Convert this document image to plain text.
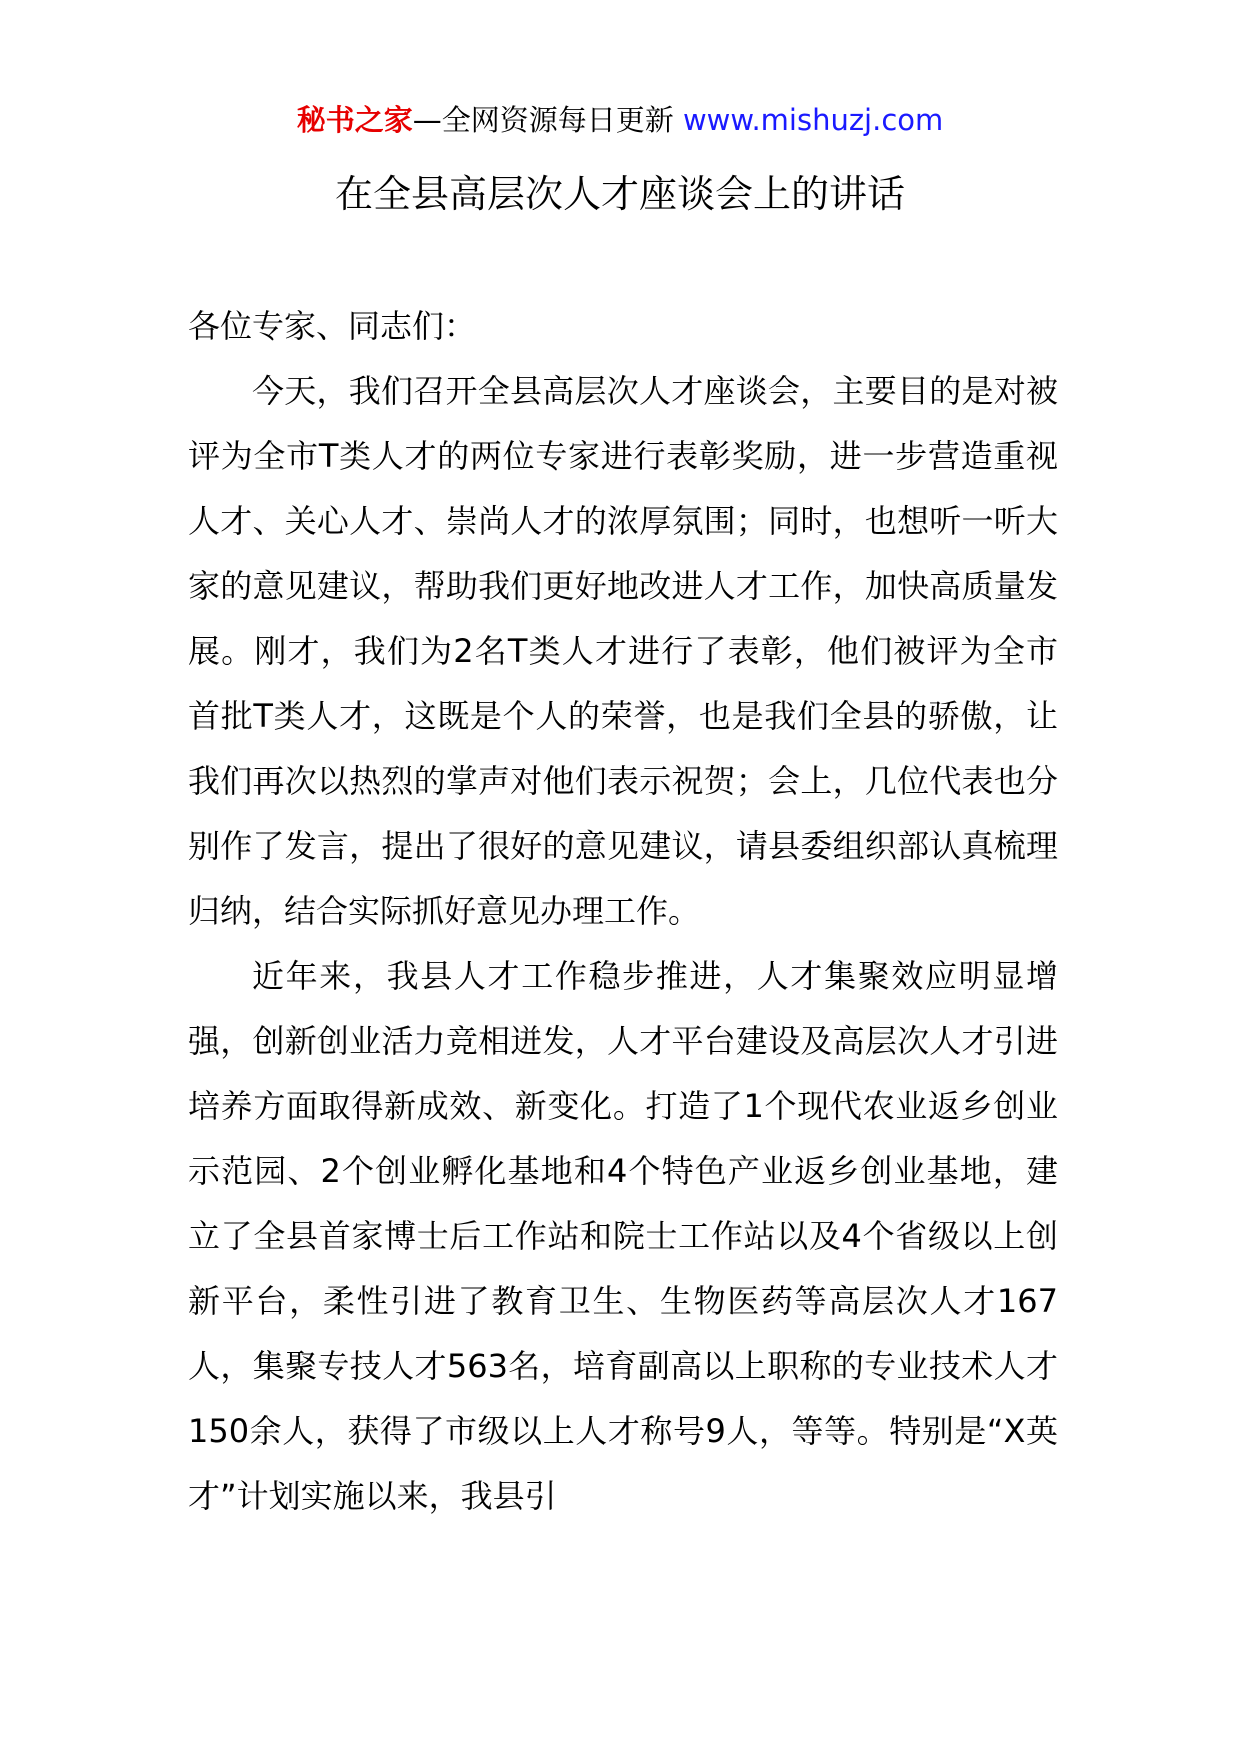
秘书之家—全网资源每日更新 www.mishuzj.com
在全县高层次人才座谈会上的讲话

各位专家、同志们：

今天，我们召开全县高层次人才座谈会，主要目的是对被评为全市T类人才的两位专家进行表彰奖励，进一步营造重视人才、关心人才、崇尚人才的浓厚氛围；同时，也想听一听大家的意见建议，帮助我们更好地改进人才工作，加快高质量发展。刚才，我们为2名T类人才进行了表彰，他们被评为全市首批T类人才，这既是个人的荣誉，也是我们全县的骄傲，让我们再次以热烈的掌声对他们表示祝贺；会上，几位代表也分别作了发言，提出了很好的意见建议，请县委组织部认真梳理归纳，结合实际抓好意见办理工作。

近年来，我县人才工作稳步推进，人才集聚效应明显增强，创新创业活力竞相迸发，人才平台建设及高层次人才引进培养方面取得新成效、新变化。打造了1个现代农业返乡创业示范园、2个创业孵化基地和4个特色产业返乡创业基地，建立了全县首家博士后工作站和院士工作站以及4个省级以上创新平台，柔性引进了教育卫生、生物医药等高层次人才167人，集聚专技人才563名，培育副高以上职称的专业技术人才150余人，获得了市级以上人才称号9人，等等。特别是“X英才”计划实施以来，我县引
